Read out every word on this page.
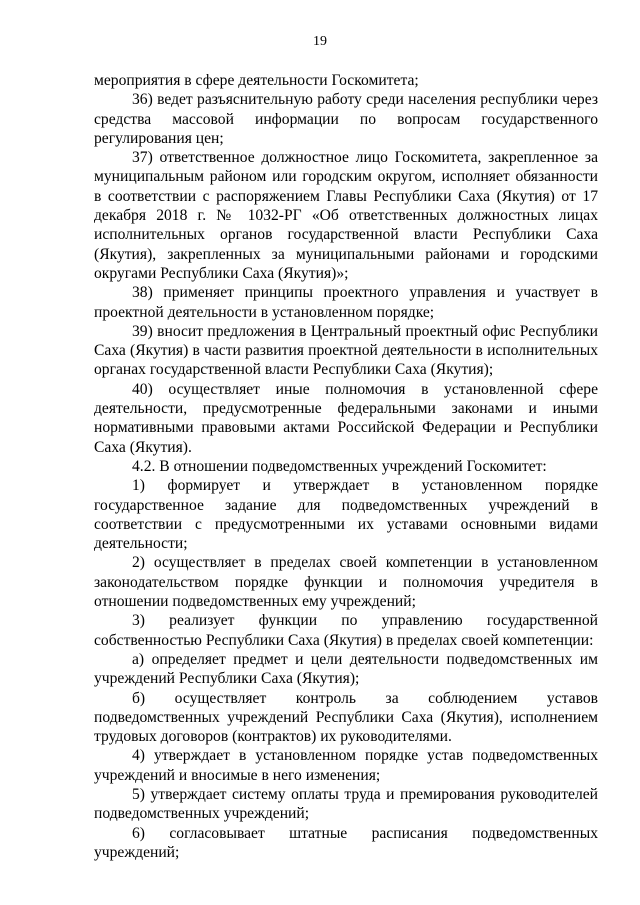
19

мероприятия в сфере деятельности Госкомитета;

36) ведет разъяснительную работу среди населения республики через средства массовой информации по вопросам государственного регулирования цен;

37) ответственное должностное лицо Госкомитета, закрепленное за муниципальным районом или городским округом, исполняет обязанности в соответствии с распоряжением Главы Республики Саха (Якутия) от 17 декабря 2018 г. № 1032-РГ «Об ответственных должностных лицах исполнительных органов государственной власти Республики Саха (Якутия), закрепленных за муниципальными районами и городскими округами Республики Саха (Якутия)»;

38) применяет принципы проектного управления и участвует в проектной деятельности в установленном порядке;

39) вносит предложения в Центральный проектный офис Республики Саха (Якутия) в части развития проектной деятельности в исполнительных органах государственной власти Республики Саха (Якутия);

40) осуществляет иные полномочия в установленной сфере деятельности, предусмотренные федеральными законами и иными нормативными правовыми актами Российской Федерации и Республики Саха (Якутия).

4.2. В отношении подведомственных учреждений Госкомитет:

1) формирует и утверждает в установленном порядке государственное задание для подведомственных учреждений в соответствии с предусмотренными их уставами основными видами деятельности;

2) осуществляет в пределах своей компетенции в установленном законодательством порядке функции и полномочия учредителя в отношении подведомственных ему учреждений;

3) реализует функции по управлению государственной собственностью Республики Саха (Якутия) в пределах своей компетенции:

а) определяет предмет и цели деятельности подведомственных им учреждений Республики Саха (Якутия);

б) осуществляет контроль за соблюдением уставов подведомственных учреждений Республики Саха (Якутия), исполнением трудовых договоров (контрактов) их руководителями.

4) утверждает в установленном порядке устав подведомственных учреждений и вносимые в него изменения;

5) утверждает систему оплаты труда и премирования руководителей подведомственных учреждений;

6) согласовывает штатные расписания подведомственных учреждений;
